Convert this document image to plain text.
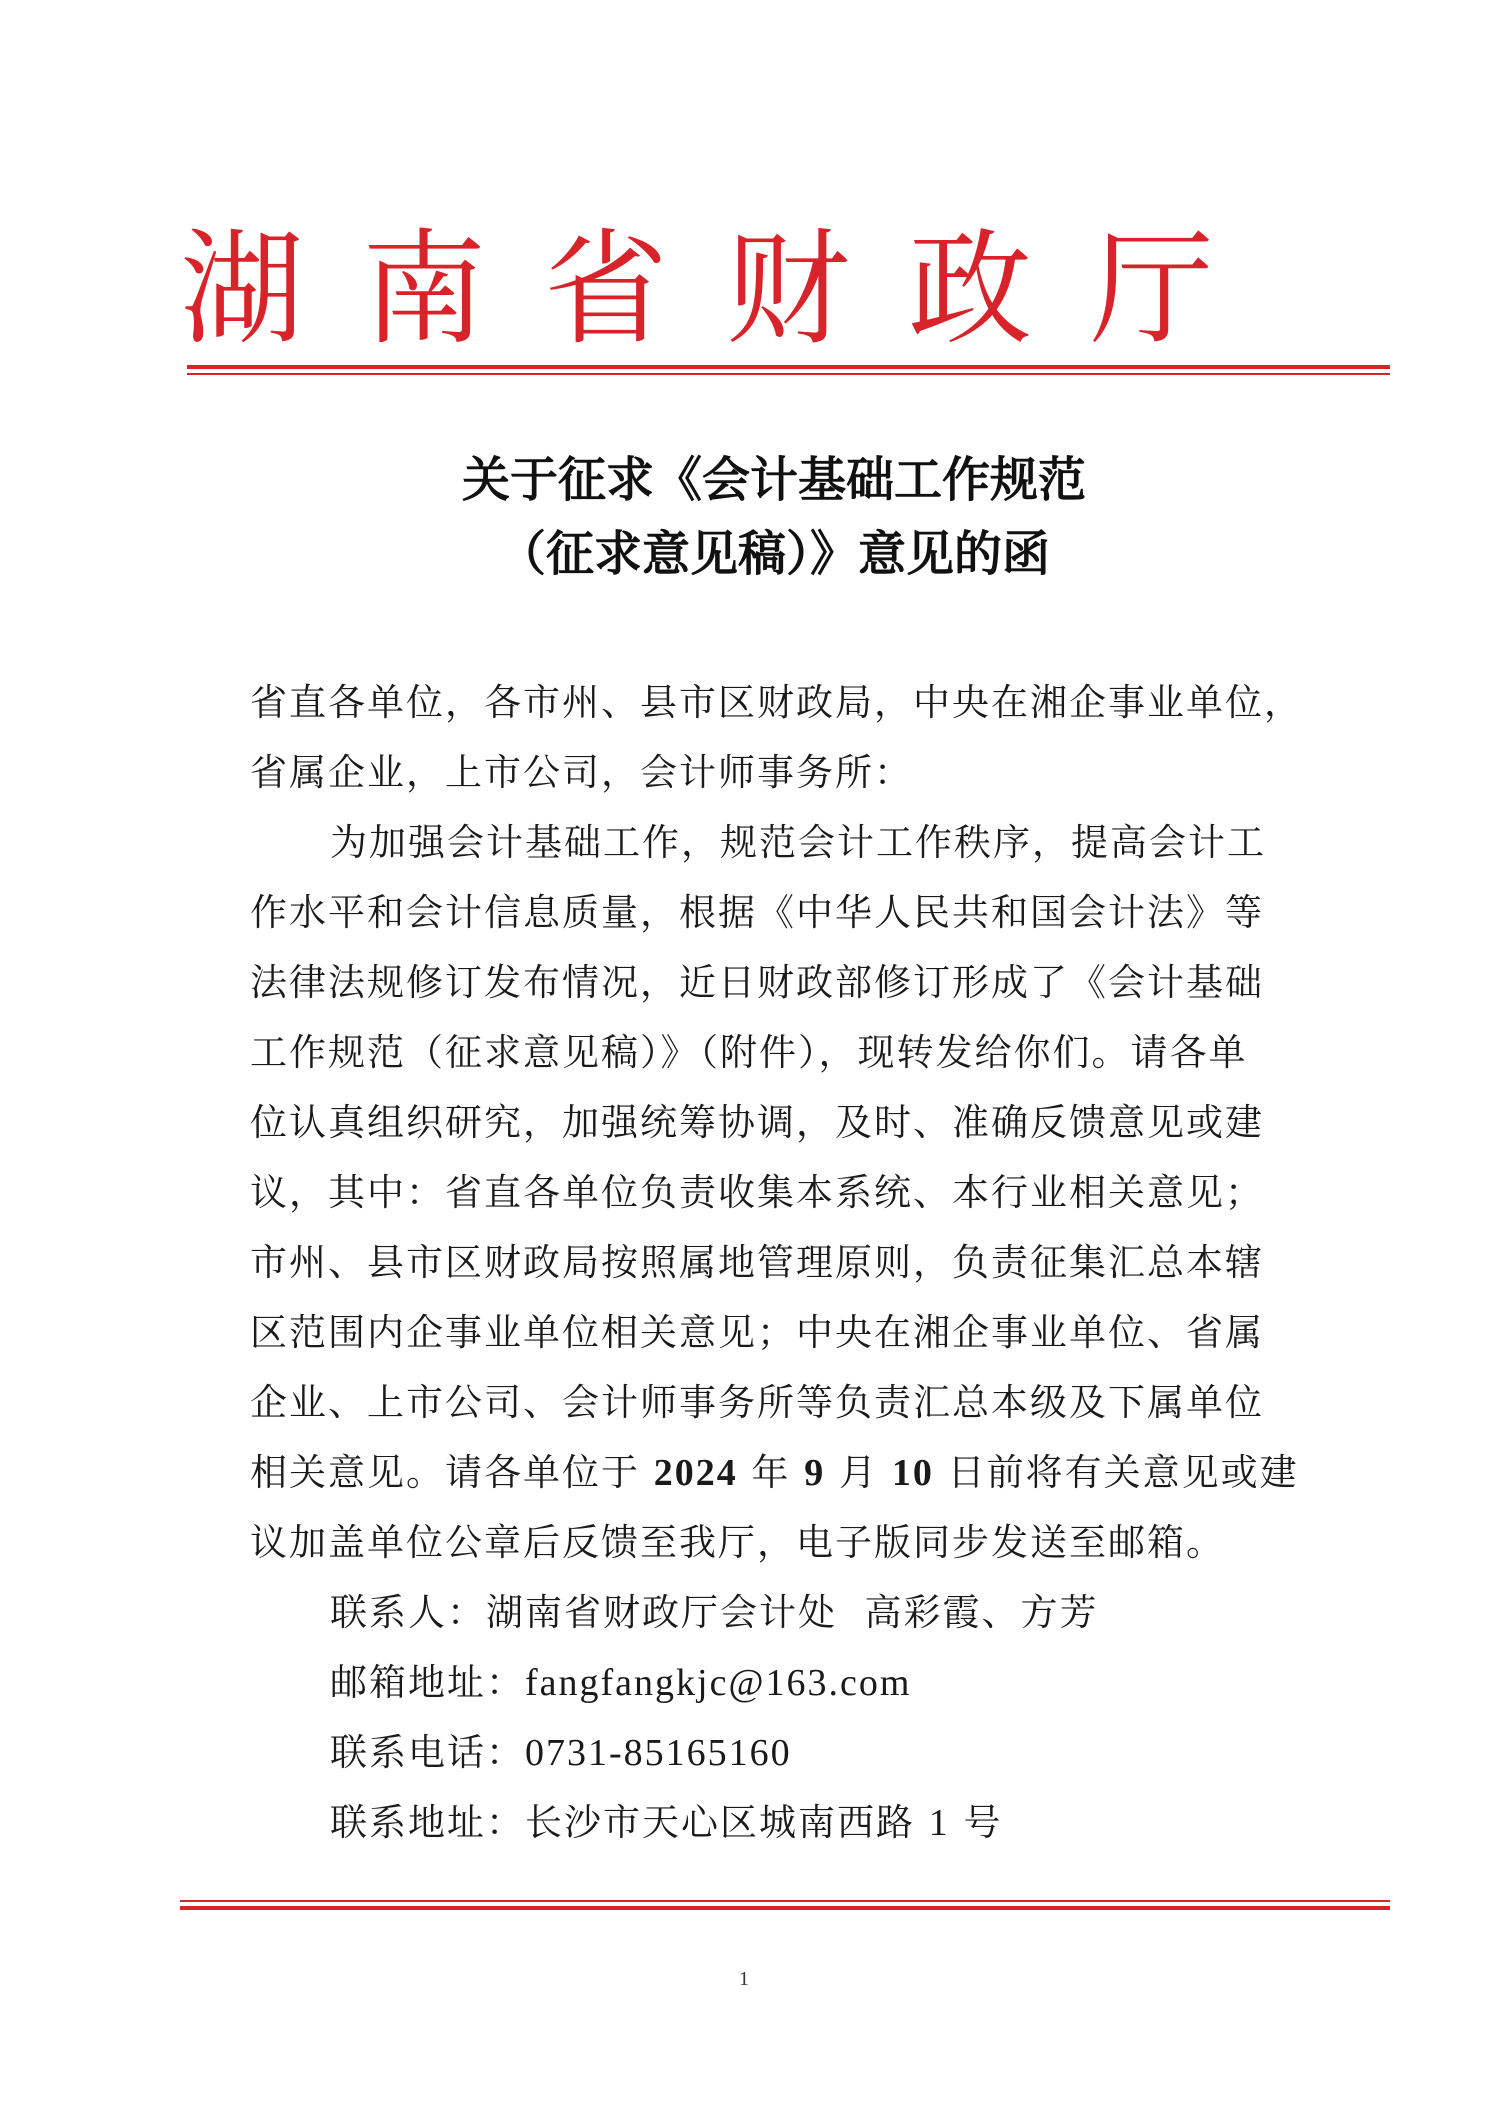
湖南省财政厅
关于征求《会计基础工作规范
（征求意见稿）》意见的函
省直各单位，各市州、县市区财政局，中央在湘企事业单位，
省属企业，上市公司，会计师事务所：
为加强会计基础工作，规范会计工作秩序，提高会计工
作水平和会计信息质量，根据《中华人民共和国会计法》等
法律法规修订发布情况，近日财政部修订形成了《会计基础
工作规范（征求意见稿）》（附件），现转发给你们。请各单
位认真组织研究，加强统筹协调，及时、准确反馈意见或建
议，其中：省直各单位负责收集本系统、本行业相关意见；
市州、县市区财政局按照属地管理原则，负责征集汇总本辖
区范围内企事业单位相关意见；中央在湘企事业单位、省属
企业、上市公司、会计师事务所等负责汇总本级及下属单位
相关意见。请各单位于 2024 年 9 月 10 日前将有关意见或建
议加盖单位公章后反馈至我厅，电子版同步发送至邮箱。
联系人：湖南省财政厅会计处  高彩霞、方芳
邮箱地址：fangfangkjc@163.com
联系电话：0731-85165160
联系地址：长沙市天心区城南西路 1 号
1
